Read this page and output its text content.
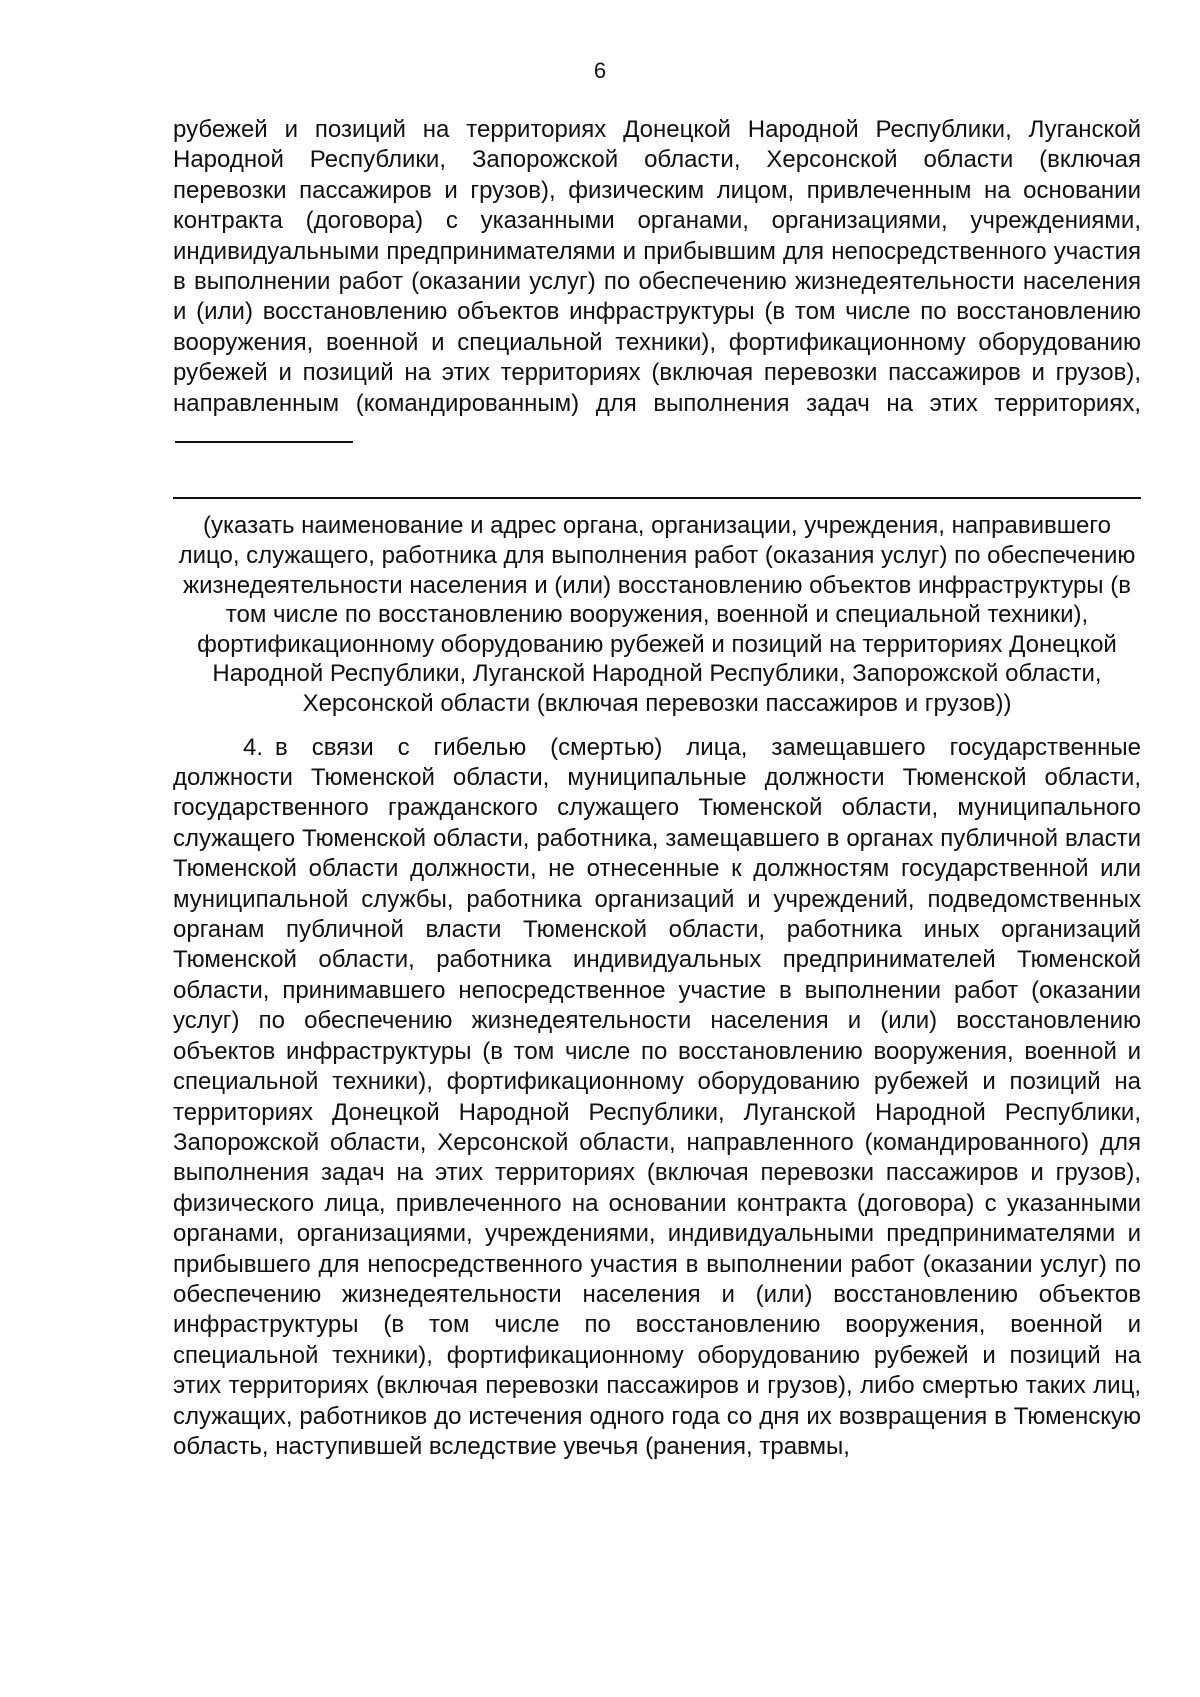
6

рубежей и позиций на территориях Донецкой Народной Республики, Луганской Народной Республики, Запорожской области, Херсонской области (включая перевозки пассажиров и грузов), физическим лицом, привлеченным на основании контракта (договора) с указанными органами, организациями, учреждениями, индивидуальными предпринимателями и прибывшим для непосредственного участия в выполнении работ (оказании услуг) по обеспечению жизнедеятельности населения и (или) восстановлению объектов инфраструктуры (в том числе по восстановлению вооружения, военной и специальной техники), фортификационному оборудованию рубежей и позиций на этих территориях (включая перевозки пассажиров и грузов), направленным (командированным) для выполнения задач на этих территориях,

(указать наименование и адрес органа, организации, учреждения, направившего лицо, служащего, работника для выполнения работ (оказания услуг) по обеспечению жизнедеятельности населения и (или) восстановлению объектов инфраструктуры (в том числе по восстановлению вооружения, военной и специальной техники), фортификационному оборудованию рубежей и позиций на территориях Донецкой Народной Республики, Луганской Народной Республики, Запорожской области, Херсонской области (включая перевозки пассажиров и грузов))

4. в связи с гибелью (смертью) лица, замещавшего государственные должности Тюменской области, муниципальные должности Тюменской области, государственного гражданского служащего Тюменской области, муниципального служащего Тюменской области, работника, замещавшего в органах публичной власти Тюменской области должности, не отнесенные к должностям государственной или муниципальной службы, работника организаций и учреждений, подведомственных органам публичной власти Тюменской области, работника иных организаций Тюменской области, работника индивидуальных предпринимателей Тюменской области, принимавшего непосредственное участие в выполнении работ (оказании услуг) по обеспечению жизнедеятельности населения и (или) восстановлению объектов инфраструктуры (в том числе по восстановлению вооружения, военной и специальной техники), фортификационному оборудованию рубежей и позиций на территориях Донецкой Народной Республики, Луганской Народной Республики, Запорожской области, Херсонской области, направленного (командированного) для выполнения задач на этих территориях (включая перевозки пассажиров и грузов), физического лица, привлеченного на основании контракта (договора) с указанными органами, организациями, учреждениями, индивидуальными предпринимателями и прибывшего для непосредственного участия в выполнении работ (оказании услуг) по обеспечению жизнедеятельности населения и (или) восстановлению объектов инфраструктуры (в том числе по восстановлению вооружения, военной и специальной техники), фортификационному оборудованию рубежей и позиций на этих территориях (включая перевозки пассажиров и грузов), либо смертью таких лиц, служащих, работников до истечения одного года со дня их возвращения в Тюменскую область, наступившей вследствие увечья (ранения, травмы,
